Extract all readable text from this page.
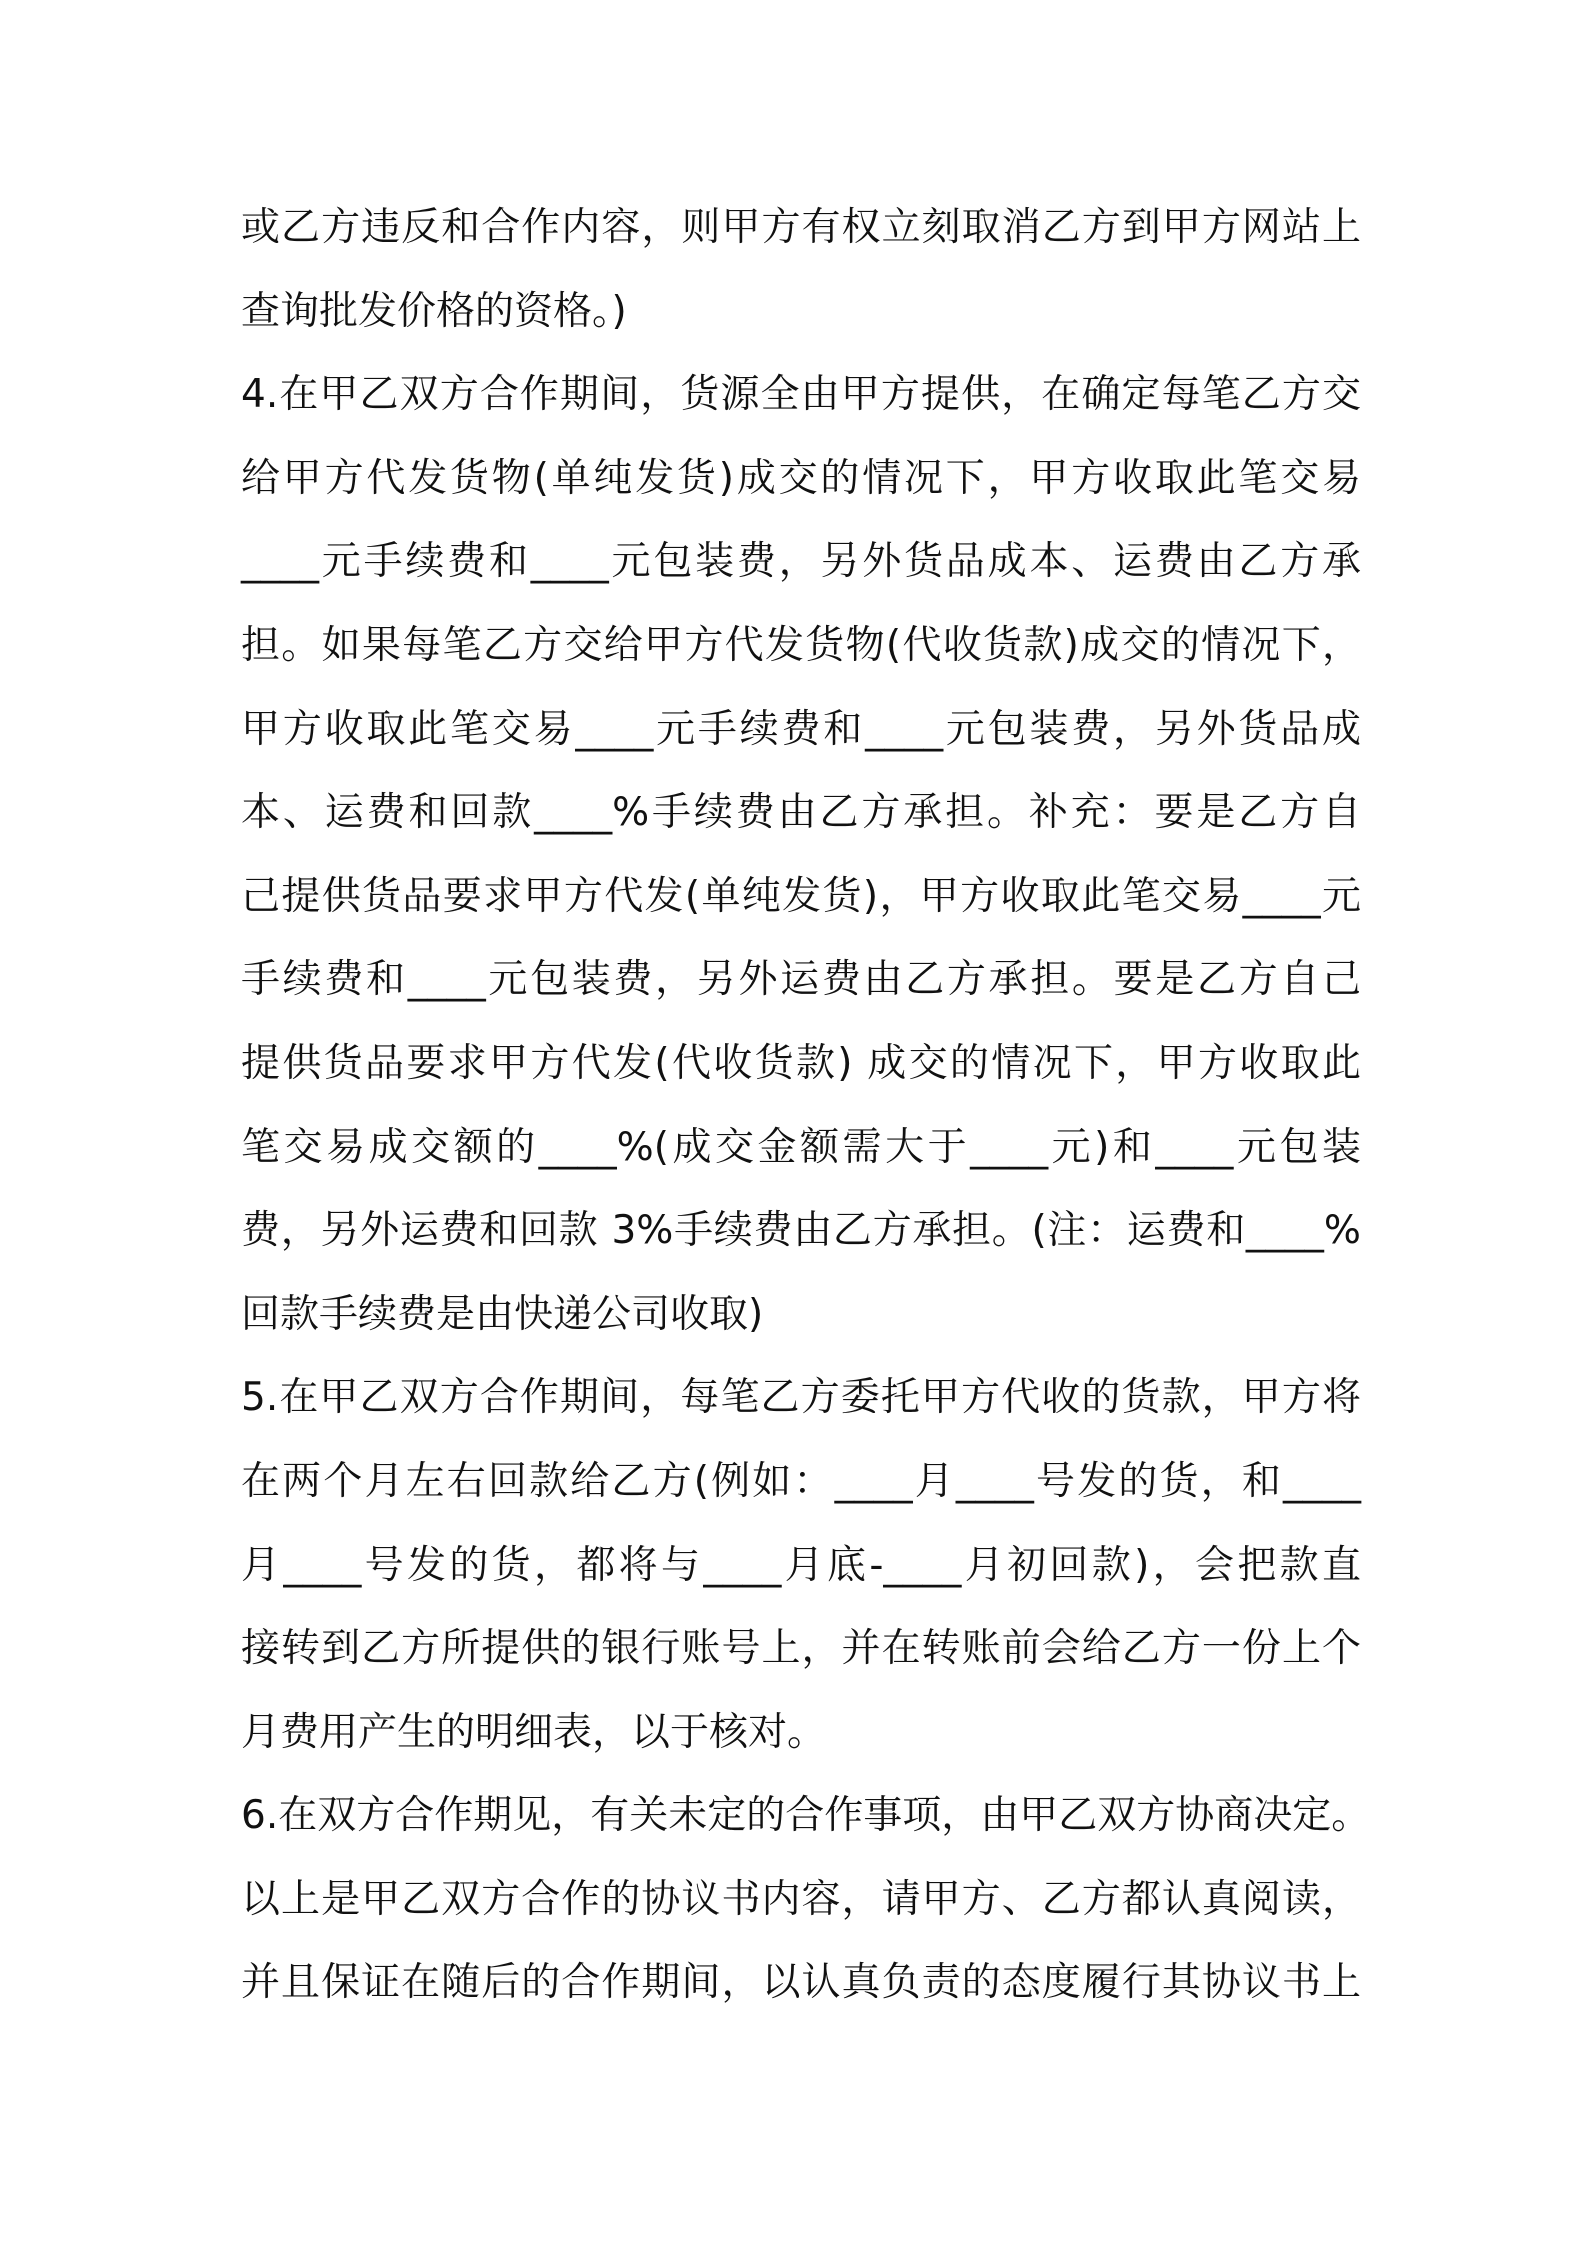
或乙方违反和合作内容，则甲方有权立刻取消乙方到甲方网站上
查询批发价格的资格。)
4.在甲乙双方合作期间，货源全由甲方提供，在确定每笔乙方交
给甲方代发货物(单纯发货)成交的情况下，甲方收取此笔交易
____元手续费和____元包装费，另外货品成本、运费由乙方承
担。如果每笔乙方交给甲方代发货物(代收货款)成交的情况下，
甲方收取此笔交易____元手续费和____元包装费，另外货品成
本、运费和回款____%手续费由乙方承担。补充：要是乙方自
己提供货品要求甲方代发(单纯发货)，甲方收取此笔交易____元
手续费和____元包装费，另外运费由乙方承担。要是乙方自己
提供货品要求甲方代发(代收货款) 成交的情况下，甲方收取此
笔交易成交额的____%(成交金额需大于____元)和____元包装
费，另外运费和回款 3%手续费由乙方承担。(注：运费和____%
回款手续费是由快递公司收取)
5.在甲乙双方合作期间，每笔乙方委托甲方代收的货款，甲方将
在两个月左右回款给乙方(例如：____月____号发的货，和____
月____号发的货，都将与____月底-____月初回款)，会把款直
接转到乙方所提供的银行账号上，并在转账前会给乙方一份上个
月费用产生的明细表，以于核对。
6.在双方合作期见，有关未定的合作事项，由甲乙双方协商决定。
以上是甲乙双方合作的协议书内容，请甲方、乙方都认真阅读，
并且保证在随后的合作期间，以认真负责的态度履行其协议书上
